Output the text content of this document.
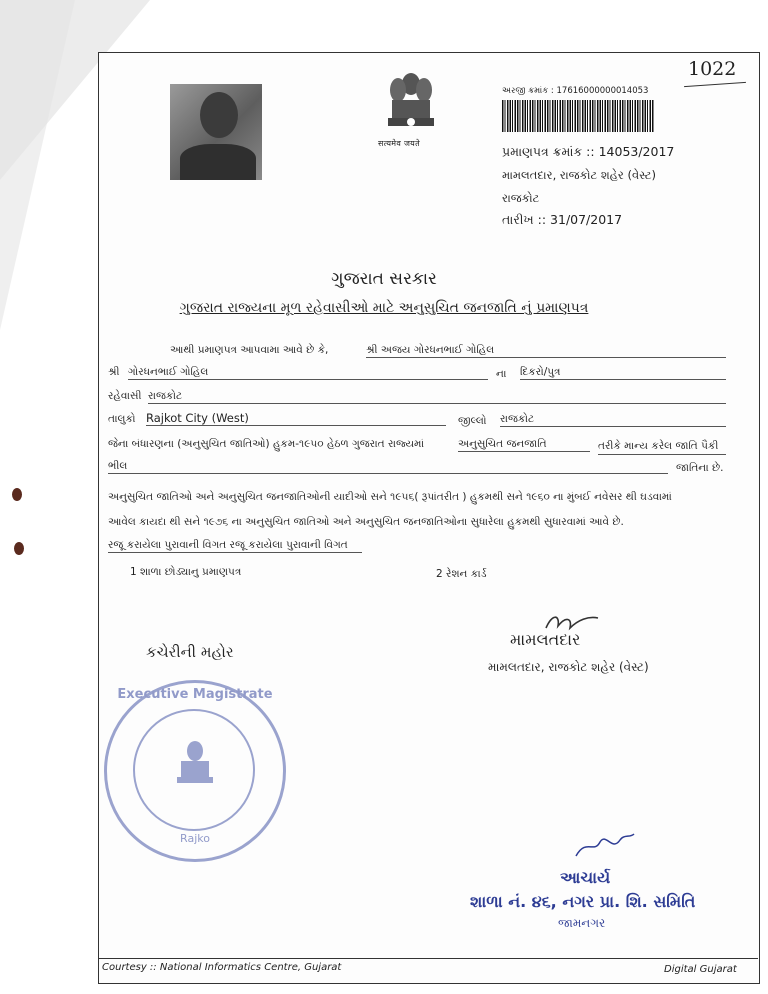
1022
सत्यमेव जयते
અરજી ક્રમાંક : 17616000000014053
પ્રમાણપત્ર ક્રમાંક :: 14053/2017
મામલતદાર, રાજકોટ શહેર (વેસ્ટ)
રાજકોટ
તારીખ :: 31/07/2017
ગુજરાત સરકાર
ગુજરાત રાજ્યના મૂળ રહેવાસીઓ માટે અનુસુચિત જનજાતિ નું પ્રમાણપત્ર
આથી પ્રમાણપત્ર આપવામા આવે છે કે,	શ્રી અજય ગોરધનભાઈ ગોહિલ
શ્રી ગોરધનભાઈ ગોહિલ	ના દિકરો/પુત્ર
રહેવાસી રાજકોટ
તાલુકો Rajkot City (West)	જીલ્લો રાજકોટ
જેના બંધારણના (અનુસુચિત જાતિઓ) હુકમ-૧૯૫૦ હેઠળ ગુજરાત રાજ્યમાં	અનુસુચિત જનજાતિ	તરીકે માન્ય કરેલ જાતિ પૈકી
ભીલ	જાતિના છે.
અનુસુચિત જાતિઓ અને અનુસુચિત જનજાતિઓની યાદીઓ સને ૧૯૫૬( રૂપાંતરીત ) હુકમથી સને ૧૯૬૦ ના મુંબઈ નવેસર થી ઘડવામાં
આવેલ કાયદા થી સને ૧૯૭૬ ના અનુસુચિત જાતિઓ અને અનુસુચિત જનજાતિઓના સુધારેલા હુકમથી સુધારવામાં આવે છે.
રજૂ કરાયેલા પુરાવાની વિગત રજૂ કરાયેલા પુરાવાની વિગત
1 શાળા છોડ્યાનુ પ્રમાણપત્ર	2 રેશન કાર્ડ
મામલતદાર
કચેરીની મહોર
મામલતદાર, રાજકોટ શહેર (વેસ્ટ)
Executive Magistrate
Rajko
આચાર્ય
શાળા નં. ૪૬, નગર પ્રા. શિ. સમિતિ
જામનગર
Courtesy :: National Informatics Centre, Gujarat	Digital Gujarat
